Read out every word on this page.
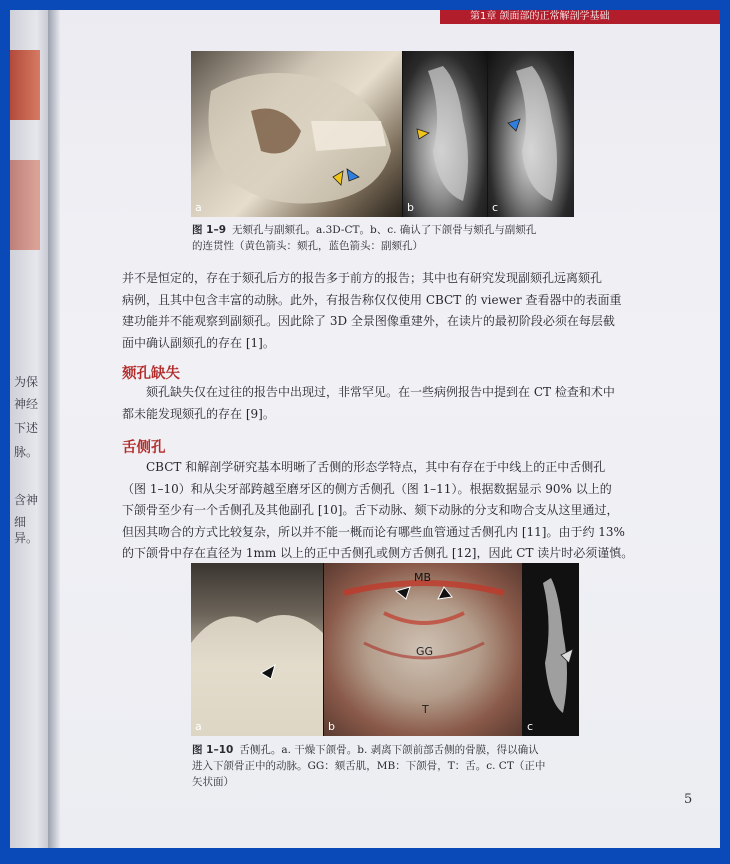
为保
神经
下述
脉。
含神
细异。
第1章 颌面部的正常解剖学基础
a	b	c
图 1–9 无颏孔与副颏孔。a.3D-CT。b、c. 确认了下颌骨与颏孔与副颏孔
的连贯性（黄色箭头：颏孔，蓝色箭头：副颏孔）
并不是恒定的，存在于颏孔后方的报告多于前方的报告；其中也有研究发现副颏孔远离颏孔
病例，且其中包含丰富的动脉。此外，有报告称仅仅使用 CBCT 的 viewer 查看器中的表面重
建功能并不能观察到副颏孔。因此除了 3D 全景图像重建外，在读片的最初阶段必须在每层截
面中确认副颏孔的存在 [1]。
颏孔缺失
颏孔缺失仅在过往的报告中出现过，非常罕见。在一些病例报告中提到在 CT 检查和术中
都未能发现颏孔的存在 [9]。
舌侧孔
CBCT 和解剖学研究基本明晰了舌侧的形态学特点，其中有存在于中线上的正中舌侧孔
（图 1–10）和从尖牙部跨越至磨牙区的侧方舌侧孔（图 1–11）。根据数据显示 90% 以上的
下颌骨至少有一个舌侧孔及其他副孔 [10]。舌下动脉、颏下动脉的分支和吻合支从这里通过，
但因其吻合的方式比较复杂，所以并不能一概而论有哪些血管通过舌侧孔内 [11]。由于约 13%
的下颌骨中存在直径为 1mm 以上的正中舌侧孔或侧方舌侧孔 [12]，因此 CT 读片时必须谨慎。
a
MB
GG
T
b	c
图 1–10 舌侧孔。a. 干燥下颌骨。b. 剥离下颌前部舌侧的骨膜，得以确认
进入下颌骨正中的动脉。GG：颏舌肌，MB：下颌骨，T：舌。c. CT（正中
矢状面）
5
